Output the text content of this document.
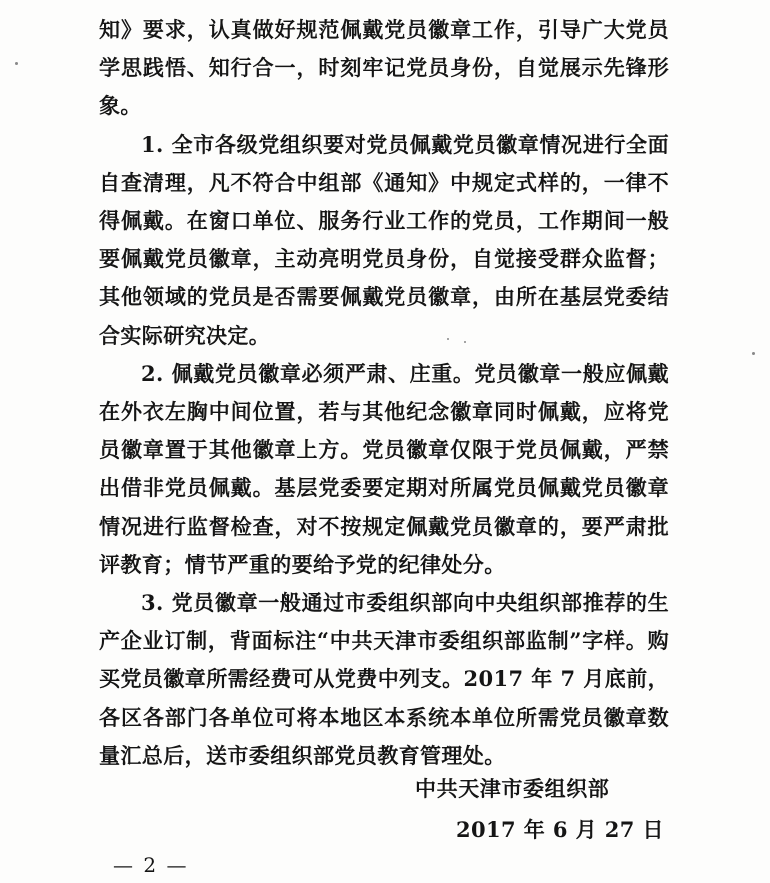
知》要求，认真做好规范佩戴党员徽章工作，引导广大党员学思践悟、知行合一，时刻牢记党员身份，自觉展示先锋形象。

1. 全市各级党组织要对党员佩戴党员徽章情况进行全面自查清理，凡不符合中组部《通知》中规定式样的，一律不得佩戴。在窗口单位、服务行业工作的党员，工作期间一般要佩戴党员徽章，主动亮明党员身份，自觉接受群众监督；其他领域的党员是否需要佩戴党员徽章，由所在基层党委结合实际研究决定。

2. 佩戴党员徽章必须严肃、庄重。党员徽章一般应佩戴在外衣左胸中间位置，若与其他纪念徽章同时佩戴，应将党员徽章置于其他徽章上方。党员徽章仅限于党员佩戴，严禁出借非党员佩戴。基层党委要定期对所属党员佩戴党员徽章情况进行监督检查，对不按规定佩戴党员徽章的，要严肃批评教育；情节严重的要给予党的纪律处分。

3. 党员徽章一般通过市委组织部向中央组织部推荐的生产企业订制，背面标注“中共天津市委组织部监制”字样。购买党员徽章所需经费可从党费中列支。2017 年 7 月底前，各区各部门各单位可将本地区本系统本单位所需党员徽章数量汇总后，送市委组织部党员教育管理处。

中共天津市委组织部
2017 年 6 月 27 日
— 2 —
